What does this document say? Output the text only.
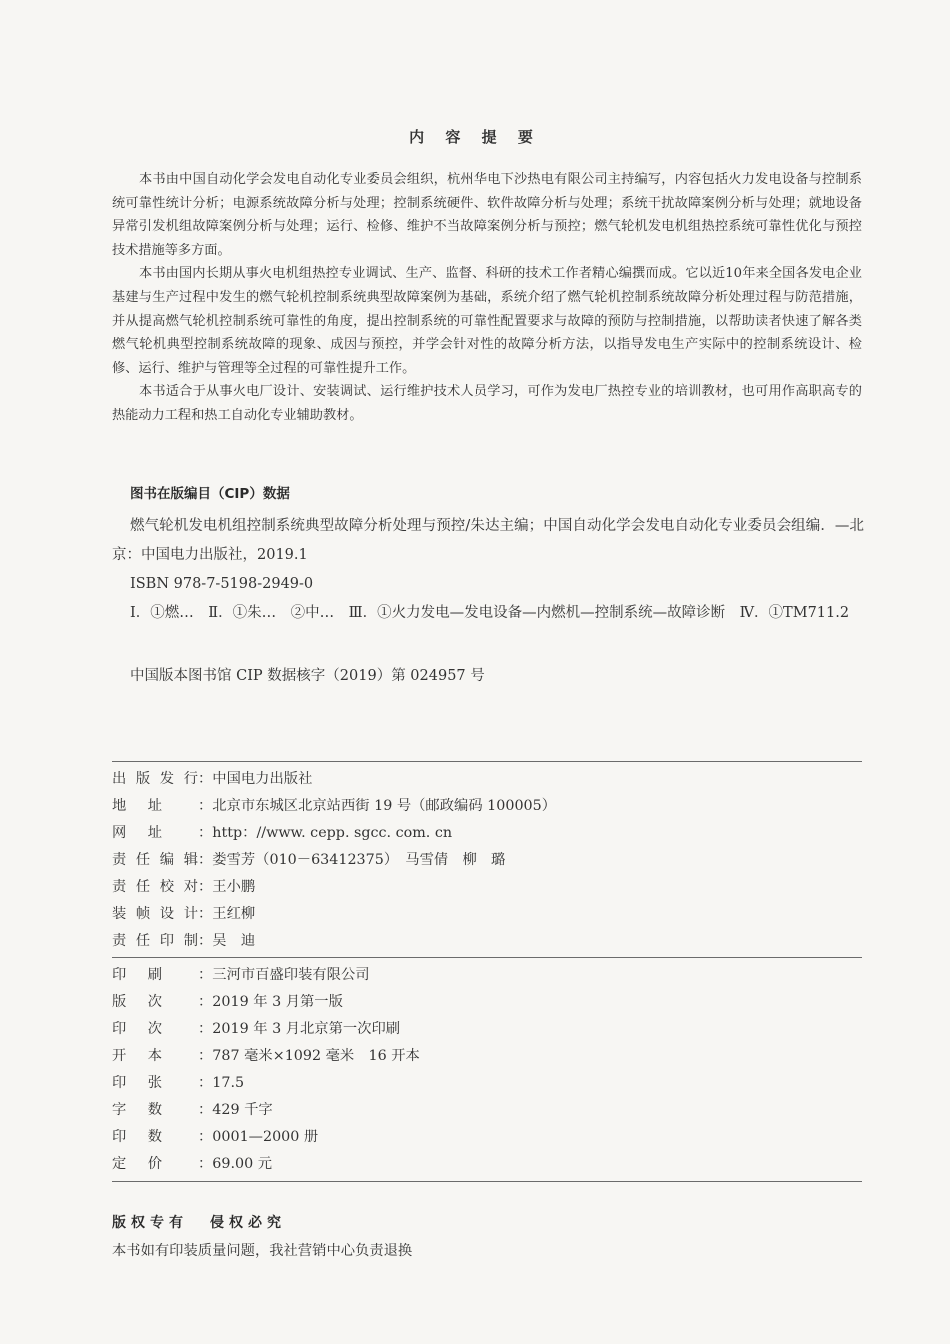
内 容 提 要

本书由中国自动化学会发电自动化专业委员会组织，杭州华电下沙热电有限公司主持编写，内容包括火力发电设备与控制系统可靠性统计分析；电源系统故障分析与处理；控制系统硬件、软件故障分析与处理；系统干扰故障案例分析与处理；就地设备异常引发机组故障案例分析与处理；运行、检修、维护不当故障案例分析与预控；燃气轮机发电机组热控系统可靠性优化与预控技术措施等多方面。

本书由国内长期从事火电机组热控专业调试、生产、监督、科研的技术工作者精心编撰而成。它以近10年来全国各发电企业基建与生产过程中发生的燃气轮机控制系统典型故障案例为基础，系统介绍了燃气轮机控制系统故障分析处理过程与防范措施，并从提高燃气轮机控制系统可靠性的角度，提出控制系统的可靠性配置要求与故障的预防与控制措施，以帮助读者快速了解各类燃气轮机典型控制系统故障的现象、成因与预控，并学会针对性的故障分析方法，以指导发电生产实际中的控制系统设计、检修、运行、维护与管理等全过程的可靠性提升工作。

本书适合于从事火电厂设计、安装调试、运行维护技术人员学习，可作为发电厂热控专业的培训教材，也可用作高职高专的热能动力工程和热工自动化专业辅助教材。

图书在版编目（CIP）数据

燃气轮机发电机组控制系统典型故障分析处理与预控/朱达主编；中国自动化学会发电自动化专业委员会组编．—北京：中国电力出版社，2019.1

ISBN 978-7-5198-2949-0

Ⅰ．①燃…　Ⅱ．①朱…　②中…　Ⅲ．①火力发电—发电设备—内燃机—控制系统—故障诊断　Ⅳ．①TM711.2

中国版本图书馆 CIP 数据核字（2019）第 024957 号
出版发行：中国电力出版社
地址	：北京市东城区北京站西街 19 号（邮政编码 100005）
网址	：http：//www. cepp. sgcc. com. cn
责任编辑：娄雪芳（010－63412375）　马雪倩　柳　璐
责任校对：王小鹏
装帧设计：王红柳
责任印制：吴　迪
印刷	：三河市百盛印装有限公司
版次	：2019 年 3 月第一版
印次	：2019 年 3 月北京第一次印刷
开本	：787 毫米×1092 毫米　16 开本
印张	：17.5
字数	：429 千字
印数	：0001—2000 册
定价	：69.00 元
版权专有 侵权必究
本书如有印装质量问题，我社营销中心负责退换
